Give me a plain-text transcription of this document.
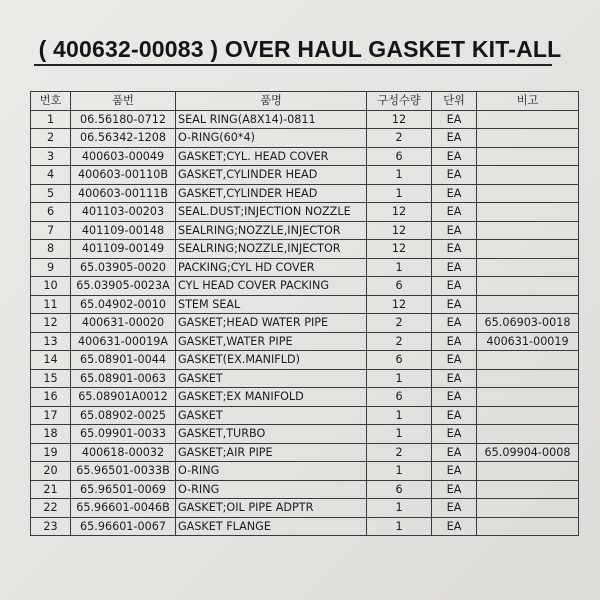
( 400632-00083 ) OVER HAUL GASKET KIT-ALL
번호	품번	품명	구성수량	단위	비고
1	06.56180-0712	SEAL RING(A8X14)-0811	12	EA	
2	06.56342-1208	O-RING(60*4)	2	EA	
3	400603-00049	GASKET;CYL. HEAD COVER	6	EA	
4	400603-00110B	GASKET,CYLINDER HEAD	1	EA	
5	400603-00111B	GASKET,CYLINDER HEAD	1	EA	
6	401103-00203	SEAL.DUST;INJECTION NOZZLE	12	EA	
7	401109-00148	SEALRING;NOZZLE,INJECTOR	12	EA	
8	401109-00149	SEALRING;NOZZLE,INJECTOR	12	EA	
9	65.03905-0020	PACKING;CYL HD COVER	1	EA	
10	65.03905-0023A	CYL HEAD COVER PACKING	6	EA	
11	65.04902-0010	STEM SEAL	12	EA	
12	400631-00020	GASKET;HEAD WATER PIPE	2	EA	65.06903-0018
13	400631-00019A	GASKET,WATER PIPE	2	EA	400631-00019
14	65.08901-0044	GASKET(EX.MANIFLD)	6	EA	
15	65.08901-0063	GASKET	1	EA	
16	65.08901A0012	GASKET;EX MANIFOLD	6	EA	
17	65.08902-0025	GASKET	1	EA	
18	65.09901-0033	GASKET,TURBO	1	EA	
19	400618-00032	GASKET;AIR PIPE	2	EA	65.09904-0008
20	65.96501-0033B	O-RING	1	EA	
21	65.96501-0069	O-RING	6	EA	
22	65.96601-0046B	GASKET;OIL PIPE ADPTR	1	EA	
23	65.96601-0067	GASKET FLANGE	1	EA	
